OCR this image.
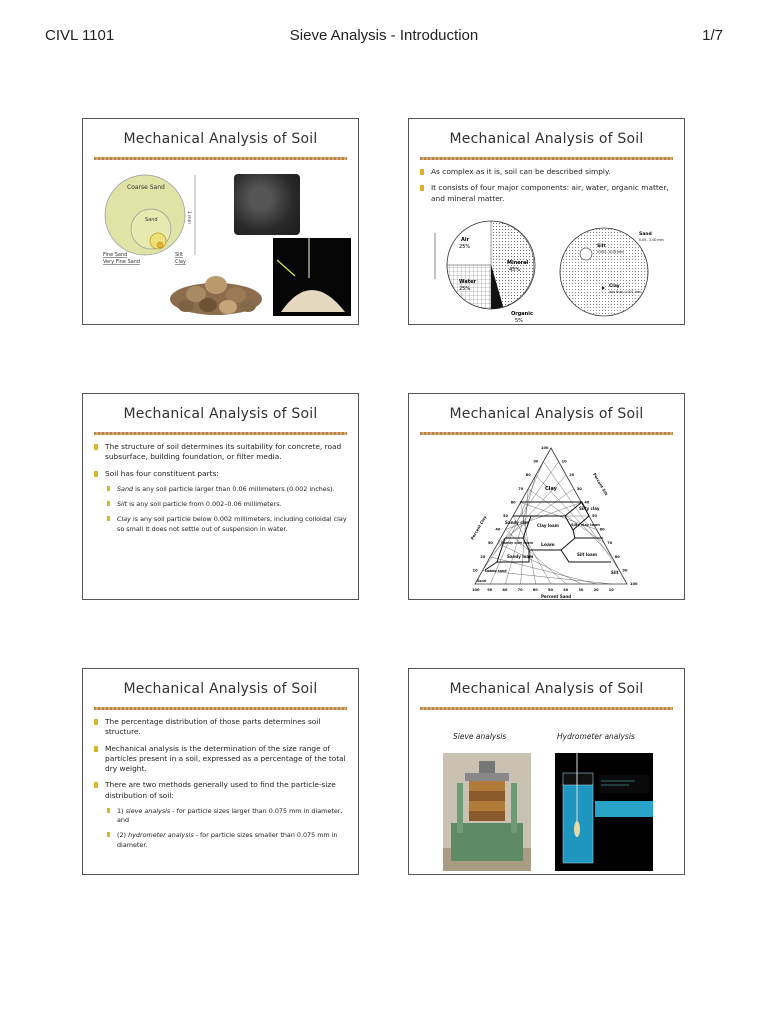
CIVL 1101	Sieve Analysis - Introduction	1/7
Mechanical Analysis of Soil
Coarse Sand
Sand	1 mm
Fine Sand
Very Fine Sand
Silt
Clay
Mechanical Analysis of Soil
As complex as it is, soil can be described simply.
It consists of four major components: air, water, organic matter, and mineral matter.
Air
25%
Mineral
45%
Water
25%
Organic
5%
Silt
0.002 - 0.05 mm
Sand
0.05 - 2.00 mm
Clay
less than 0.002 mm
Mechanical Analysis of Soil
The structure of soil determines its suitability for concrete, road subsurface, building foundation, or filter media.
Soil has four constituent parts:
Sand is any soil particle larger than 0.06 millimeters (0.002 inches).
Silt is any soil particle from 0.002–0.06 millimeters.
Clay is any soil particle below 0.002 millimeters, including colloidal clay so small it does not settle out of suspension in water.
Mechanical Analysis of Soil
Clay
Silty clay
Sandy clay
Clay loam	Silty clay loam
Sandy clay loam Loam
Silt loam
Sandy loam
Silt
Loamy sand
Sand
Percent Clay
Percent Silt
Percent Sand
10
10
10
20
20
20
30
30
30
40
40
40
50	50
50
60
60
60
70
70
70
80
80
80
90
90
90
100
100
100
Mechanical Analysis of Soil
The percentage distribution of those parts determines soil structure.
Mechanical analysis is the determination of the size range of particles present in a soil, expressed as a percentage of the total dry weight.
There are two methods generally used to find the particle-size distribution of soil:
1) sieve analysis - for particle sizes larger than 0.075 mm in diameter, and
(2) hydrometer analysis - for particle sizes smaller than 0.075 mm in diameter.
Mechanical Analysis of Soil
Sieve analysis	Hydrometer analysis
